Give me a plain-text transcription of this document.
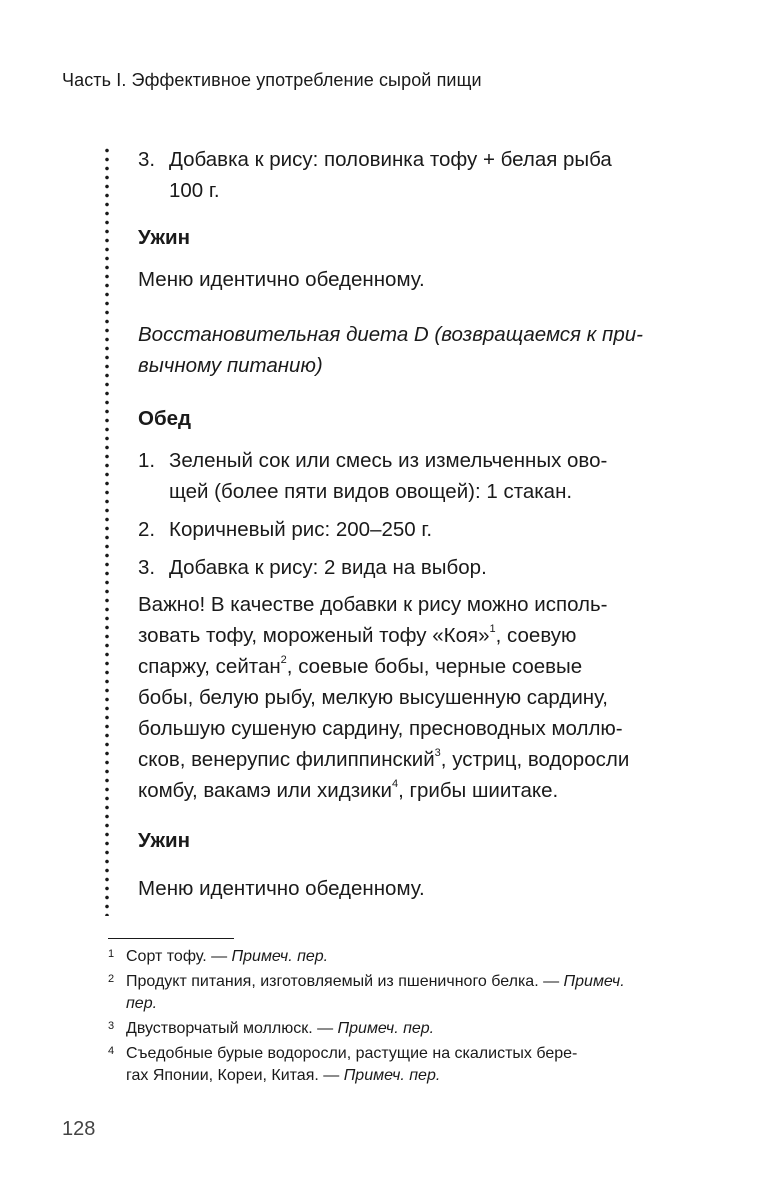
Часть I. Эффективное употребление сырой пищи
3. Добавка к рису: половинка тофу + белая рыба
100 г.
Ужин
Меню идентично обеденному.
Восстановительная диета D (возвращаемся к при-
вычному питанию)
Обед
1. Зеленый сок или смесь из измельченных ово-
щей (более пяти видов овощей): 1 стакан.
2. Коричневый рис: 200–250 г.
3. Добавка к рису: 2 вида на выбор.
Важно! В качестве добавки к рису можно исполь-
зовать тофу, мороженый тофу «Коя»$^1$, соевую
спаржу, сейтан$^2$, соевые бобы, черные соевые
бобы, белую рыбу, мелкую высушенную сардину,
большую сушеную сардину, пресноводных моллю-
сков, венерупис филиппинский$^3$, устриц, водоросли
комбу, вакамэ или хидзики$^4$, грибы шиитаке.
Ужин
Меню идентично обеденному.
1 Сорт тофу. — Примеч. пер.
2 Продукт питания, изготовляемый из пшеничного белка. — Примеч. пер.
3 Двустворчатый моллюск. — Примеч. пер.
4 Съедобные бурые водоросли, растущие на скалистых бере-
гах Японии, Кореи, Китая. — Примеч. пер.
128
